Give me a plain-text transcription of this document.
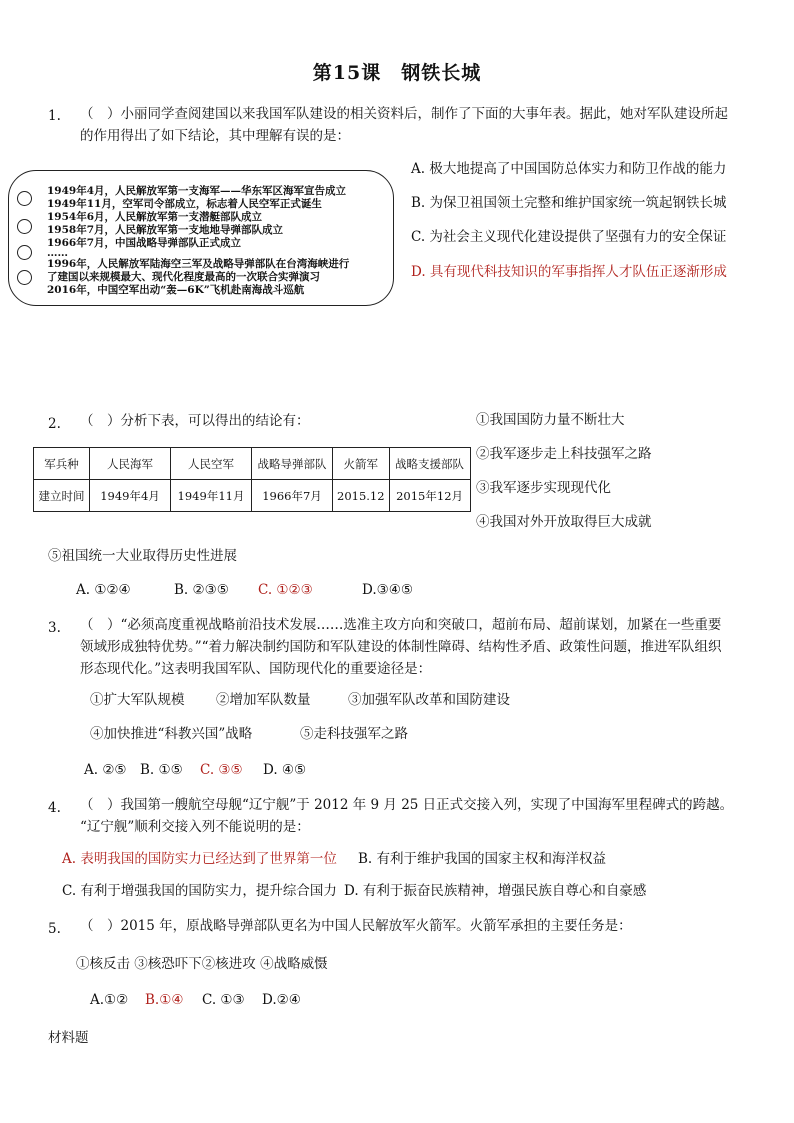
第15课　钢铁长城
1. （　）小丽同学查阅建国以来我国军队建设的相关资料后，制作了下面的大事年表。据此，她对军队建设所起
的作用得出了如下结论，其中理解有误的是：
1949年4月，人民解放军第一支海军——华东军区海军宣告成立
1949年11月，空军司令部成立，标志着人民空军正式诞生
1954年6月，人民解放军第一支潜艇部队成立
1958年7月，人民解放军第一支地地导弹部队成立
1966年7月，中国战略导弹部队正式成立
……
1996年，人民解放军陆海空三军及战略导弹部队在台湾海峡进行
了建国以来规模最大、现代化程度最高的一次联合实弹演习
2016年，中国空军出动“轰—6K”飞机赴南海战斗巡航
A. 极大地提高了中国国防总体实力和防卫作战的能力
B. 为保卫祖国领土完整和维护国家统一筑起钢铁长城
C. 为社会主义现代化建设提供了坚强有力的安全保证
D. 具有现代科技知识的军事指挥人才队伍正逐渐形成
2. （　）分析下表，可以得出的结论有：
军兵种	人民海军	人民空军	战略导弹部队	火箭军	战略支援部队
建立时间	1949年4月	1949年11月	1966年7月	2015.12	2015年12月
①我国国防力量不断壮大
②我军逐步走上科技强军之路
③我军逐步实现现代化
④我国对外开放取得巨大成就
⑤祖国统一大业取得历史性进展
A. ①②④	B. ②③⑤ C. ①②③	D.③④⑤
3. （　）“必须高度重视战略前沿技术发展……选准主攻方向和突破口，超前布局、超前谋划，加紧在一些重要
领域形成独特优势。”“着力解决制约国防和军队建设的体制性障碍、结构性矛盾、政策性问题，推进军队组织
形态现代化。”这表明我国军队、国防现代化的重要途径是：
①扩大军队规模 ②增加军队数量	③加强军队改革和国防建设
④加快推进“科教兴国”战略	⑤走科技强军之路
A. ②⑤ B. ①⑤ C. ③⑤ D. ④⑤
4. （　）我国第一艘航空母舰“辽宁舰”于 2012 年 9 月 25 日正式交接入列，实现了中国海军里程碑式的跨越。
“辽宁舰”顺利交接入列不能说明的是：
A. 表明我国的国防实力已经达到了世界第一位 B. 有利于维护我国的国家主权和海洋权益
C. 有利于增强我国的国防实力，提升综合国力 D. 有利于振奋民族精神，增强民族自尊心和自豪感
5. （　）2015 年，原战略导弹部队更名为中国人民解放军火箭军。火箭军承担的主要任务是：
①核反击 ③核恐吓下②核进攻 ④战略威慑
A.①② B.①④ C. ①③ D.②④
材料题
